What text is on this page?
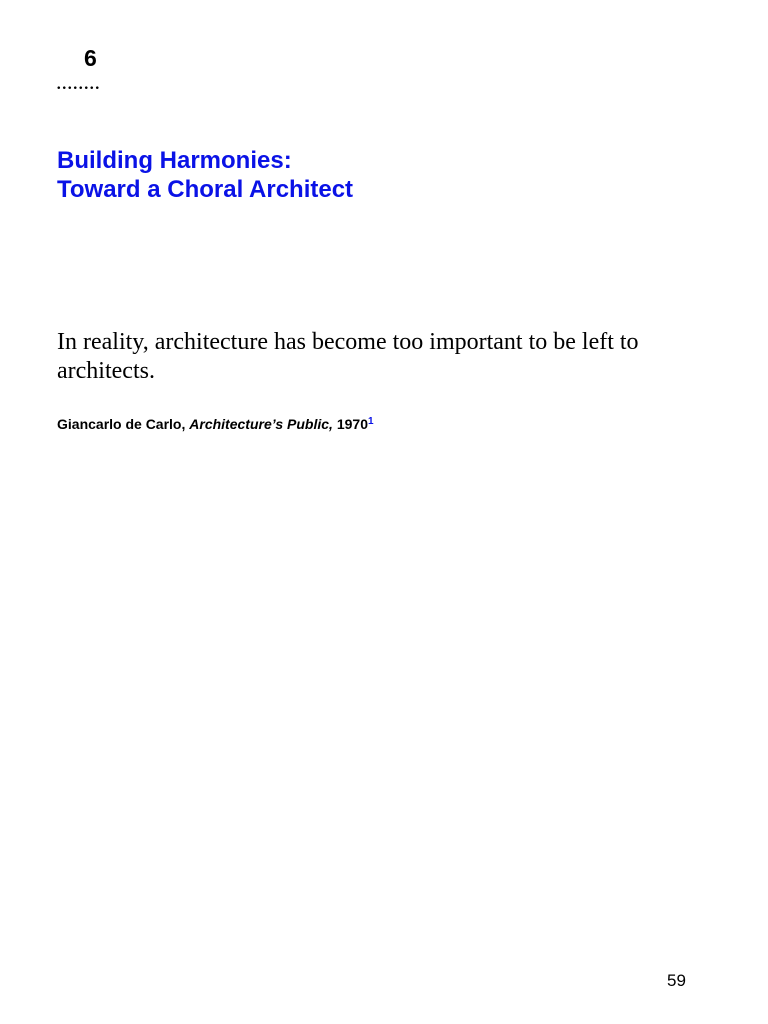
6
........
Building Harmonies:
Toward a Choral Architect

In reality, architecture has become too important to be left to architects.

Giancarlo de Carlo, Architecture’s Public, 1970$^1$

59
